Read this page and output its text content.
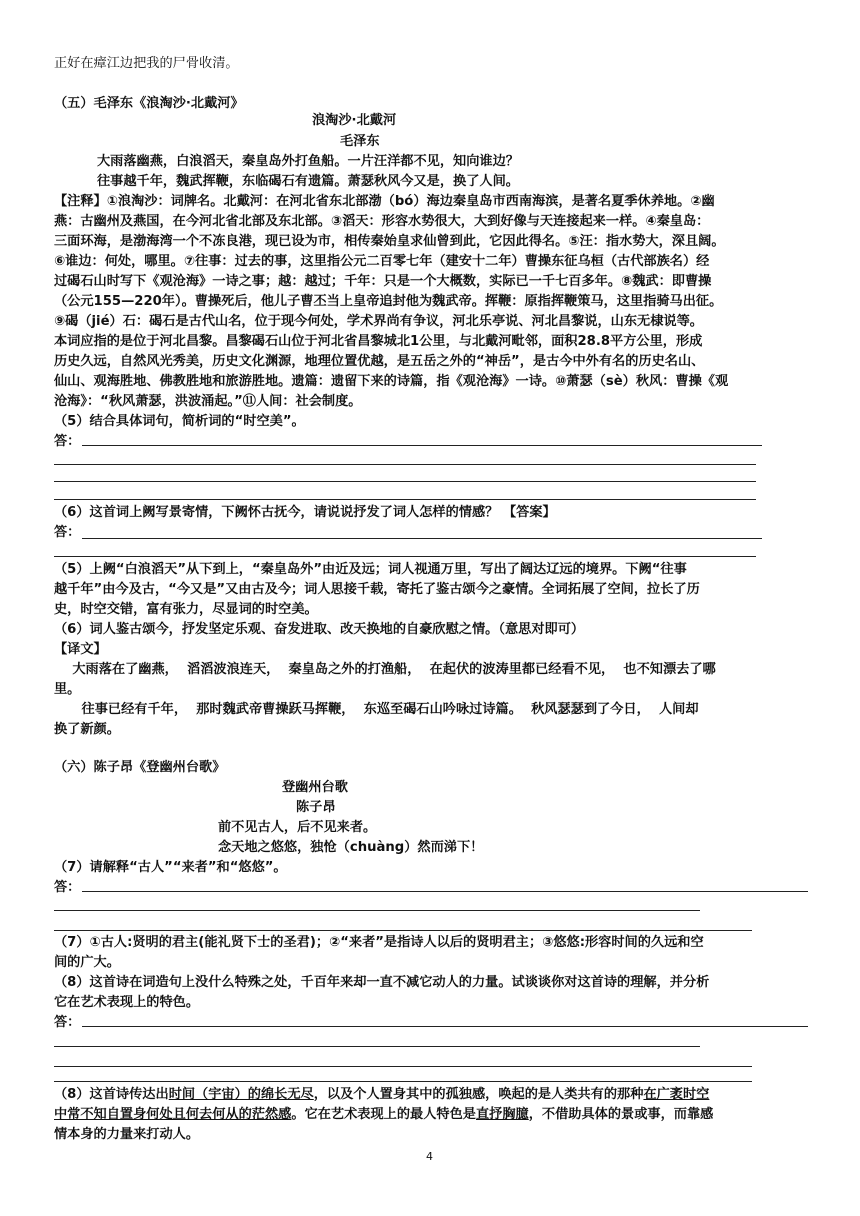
正好在瘴江边把我的尸骨收清。
（五）毛泽东《浪淘沙·北戴河》
浪淘沙·北戴河
毛泽东
大雨落幽燕，白浪滔天，秦皇岛外打鱼船。一片汪洋都不见，知向谁边？
往事越千年，魏武挥鞭，东临碣石有遗篇。萧瑟秋风今又是，换了人间。
【注释】①浪淘沙：词牌名。北戴河：在河北省东北部渤（bó）海边秦皇岛市西南海滨，是著名夏季休养地。②幽
燕：古幽州及燕国，在今河北省北部及东北部。③滔天：形容水势很大，大到好像与天连接起来一样。④秦皇岛：
三面环海，是渤海湾一个不冻良港，现已设为市，相传秦始皇求仙曾到此，它因此得名。⑤汪：指水势大，深且阔。
⑥谁边：何处，哪里。⑦往事：过去的事，这里指公元二百零七年（建安十二年）曹操东征乌桓（古代部族名）经
过碣石山时写下《观沧海》一诗之事；越：越过；千年：只是一个大概数，实际已一千七百多年。⑧魏武：即曹操
（公元155—220年）。曹操死后，他儿子曹丕当上皇帝追封他为魏武帝。挥鞭：原指挥鞭策马，这里指骑马出征。
⑨碣（jié）石：碣石是古代山名，位于现今何处，学术界尚有争议，河北乐亭说、河北昌黎说，山东无棣说等。
本词应指的是位于河北昌黎。昌黎碣石山位于河北省昌黎城北1公里，与北戴河毗邻，面积28.8平方公里，形成
历史久远，自然风光秀美，历史文化渊源，地理位置优越，是五岳之外的“神岳”，是古今中外有名的历史名山、
仙山、观海胜地、佛教胜地和旅游胜地。遗篇：遗留下来的诗篇，指《观沧海》一诗。⑩萧瑟（sè）秋风：曹操《观
沧海》：“秋风萧瑟，洪波涌起。”⑪人间：社会制度。
（5）结合具体词句，简析词的“时空美”。
答：
（6）这首词上阙写景寄情，下阙怀古抚今，请说说抒发了词人怎样的情感？ 【答案】
答：
（5）上阙“白浪滔天”从下到上，“秦皇岛外”由近及远；词人视通万里，写出了阔达辽远的境界。下阙“往事
越千年”由今及古，“今又是”又由古及今；词人思接千载，寄托了鉴古颂今之豪情。全词拓展了空间，拉长了历
史，时空交错，富有张力，尽显词的时空美。
（6）词人鉴古颂今，抒发坚定乐观、奋发进取、改天换地的自豪欣慰之情。（意思对即可）
【译文】
大雨落在了幽燕，  滔滔波浪连天，  秦皇岛之外的打渔船，  在起伏的波涛里都已经看不见，  也不知漂去了哪
里。
往事已经有千年，  那时魏武帝曹操跃马挥鞭，  东巡至碣石山吟咏过诗篇。  秋风瑟瑟到了今日，  人间却
换了新颜。
（六）陈子昂《登幽州台歌》
登幽州台歌
陈子昂
前不见古人，后不见来者。
念天地之悠悠，独怆（chuàng）然而涕下！
（7）请解释“古人”“来者”和“悠悠”。
答：
（7）①古人:贤明的君主(能礼贤下士的圣君)；②“来者”是指诗人以后的贤明君主；③悠悠:形容时间的久远和空
间的广大。
（8）这首诗在词造句上没什么特殊之处，千百年来却一直不减它动人的力量。试谈谈你对这首诗的理解，并分析
它在艺术表现上的特色。
答：
（8）这首诗传达出时间（宇宙）的绵长无尽，以及个人置身其中的孤独感，唤起的是人类共有的那种在广袤时空
中常不知自置身何处且何去何从的茫然感。它在艺术表现上的最人特色是直抒胸臆，不借助具体的景或事，而靠感
情本身的力量来打动人。
4
